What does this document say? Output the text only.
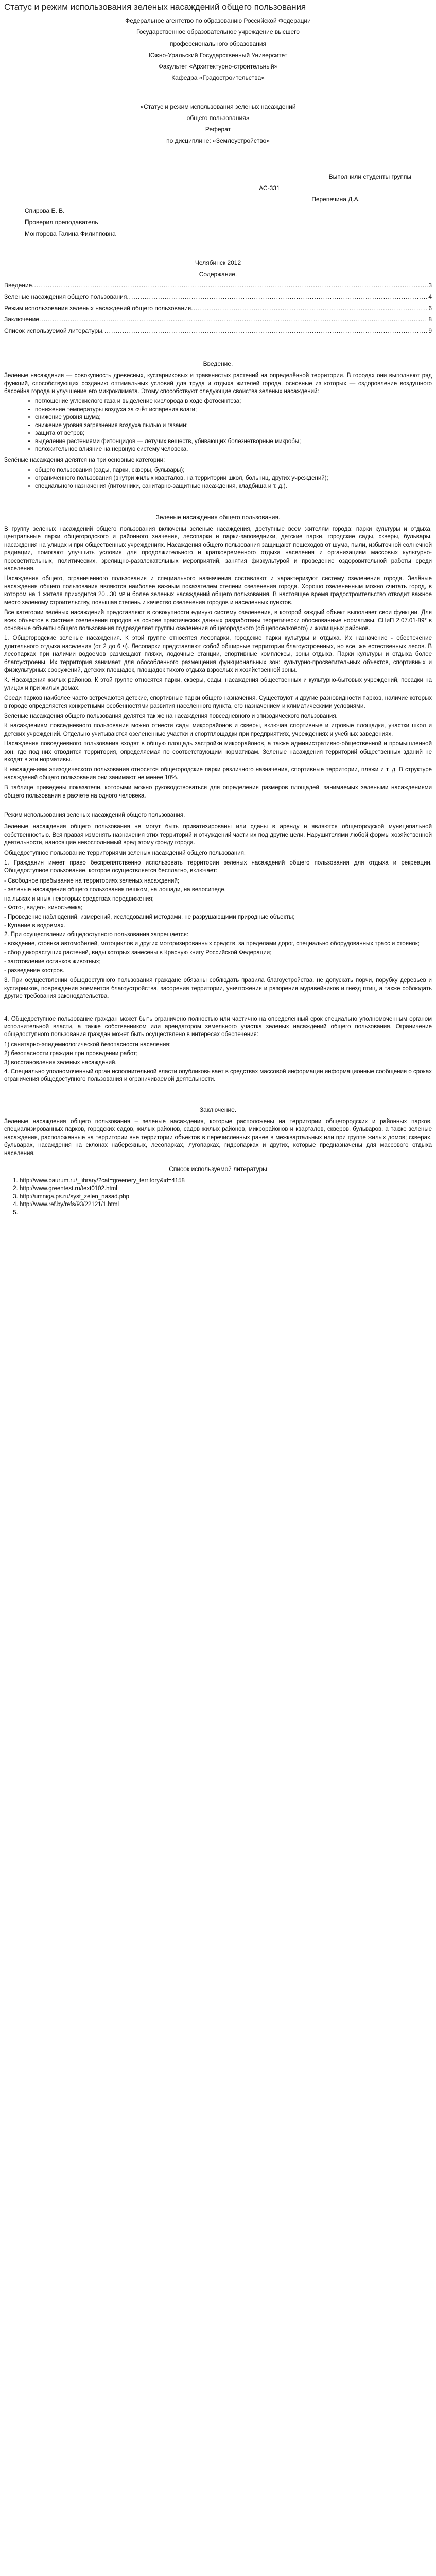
Статус и режим использования зеленых насаждений общего пользования

Федеральное агентство по образованию Российской Федерации

Государственное образовательное учреждение высшего

профессионального образования

Южно-Уральский Государственный Университет

Факультет «Архитектурно-строительный»

Кафедра «Градостроительства»

«Статус и режим использования зеленых насаждений

общего пользования»

Реферат

по дисциплине: «Землеустройство»

Выполнили студенты группы

АС-331

Перепечина Д.А.

Спирова Е. В.

Проверил преподаватель

Монторова Галина Филипповна

Челябинск 2012

Содержание.

Введение .....	3
Зеленые насаждения общего пользования .....	4
Режим использования зеленых насаждений общего пользования .....	6
Заключение .....	8
Список используемой литературы .....	9
Введение.

Зеленые насаждения — совокупность древесных, кустарниковых и травянистых растений на определённой территории. В городах они выполняют ряд функций, способствующих созданию оптимальных условий для труда и отдыха жителей города, основные из которых — оздоровление воздушного бассейна города и улучшение его микроклимата. Этому способствуют следующие свойства зеленых насаждений:

• поглощение углекислого газа и выделение кислорода в ходе фотосинтеза;
• понижение температуры воздуха за счёт испарения влаги;
• снижение уровня шума;
• снижение уровня загрязнения воздуха пылью и газами;
• защита от ветров;
• выделение растениями фитонцидов — летучих веществ, убивающих болезнетворные микробы;
• положительное влияние на нервную систему человека.

Зелёные насаждения делятся на три основные категории:

• общего пользования (сады, парки, скверы, бульвары);
• ограниченного пользования (внутри жилых кварталов, на территории школ, больниц, других учреждений);
• специального назначения (питомники, санитарно-защитные насаждения, кладбища и т. д.).
Зеленые насаждения общего пользования.

В группу зеленых насаждений общего пользования включены зеленые насаждения, доступные всем жителям города: парки культуры и отдыха, центральные парки общегородского и районного значения, лесопарки и парки-заповедники, детские парки, городские сады, скверы, бульвары, насаждения на улицах и при общественных учреждениях. Насаждения общего пользования защищают пешеходов от шума, пыли, избыточной солнечной радиации, помогают улучшить условия для продолжительного и кратковременного отдыха населения и организациям массовых культурно-просветительных, политических, зрелищно-развлекательных мероприятий, занятия физкультурой и проведение оздоровительной работы среди населения.

Насаждения общего, ограниченного пользования и специального назначения составляют и характеризуют систему озеленения города. Зелёные насаждения общего пользования являются наиболее важным показателем степени озеленения города. Хорошо озелененным можно считать город, в котором на 1 жителя приходится 20...30 м² и более зеленых насаждений общего пользования. В настоящее время градостроительство отводит важное место зеленому строительству, повышая степень и качество озеленения городов и населенных пунктов.

Все категории зелёных насаждений представляют в совокупности единую систему озеленения, в которой каждый объект выполняет свои функции. Для всех объектов в системе озеленения городов на основе практических данных разработаны теоретически обоснованные нормативы. СНиП 2.07.01-89* в основные объекты общего пользования подразделяет группы озеленения общегородского (общепоселкового) и жилищных районов.

1. Общегородские зеленые насаждения. К этой группе относятся лесопарки, городские парки культуры и отдыха. Их назначение - обеспечение длительного отдыха населения (от 2 до 6 ч). Лесопарки представляют собой обширные территории благоустроенных, но все, же естественных лесов. В лесопарках при наличии водоемов размещают пляжи, лодочные станции, спортивные комплексы, зоны отдыха. Парки культуры и отдыха более благоустроены. Их территория занимает для обособленного размещения функциональных зон: культурно-просветительных объектов, спортивных и физкультурных сооружений, детских площадок, площадок тихого отдыха взрослых и хозяйственной зоны.

К. Насаждения жилых районов. К этой группе относятся парки, скверы, сады, насаждения общественных и культурно-бытовых учреждений, посадки на улицах и при жилых домах.

Среди парков наиболее часто встречаются детские, спортивные парки общего назначения. Существуют и другие разновидности парков, наличие которых в городе определяется конкретными особенностями развития населенного пункта, его назначением и климатическими условиями.

Зеленые насаждения общего пользования делятся так же на насаждения повседневного и эпизодического пользования.

К насаждениям повседневного пользования можно отнести сады микрорайонов и скверы, включая спортивные и игровые площадки, участки школ и детских учреждений. Отдельно учитываются озелененные участки и спортплощадки при предприятиях, учреждениях и учебных заведениях.

Насаждения повседневного пользования входят в общую площадь застройки микрорайонов, а также административно-общественной и промышленной зон, где под них отводится территория, определяемая по соответствующим нормативам. Зеленые насаждения территорий общественных зданий не входят в эти нормативы.

К насаждениям эпизодического пользования относятся общегородские парки различного назначения, спортивные территории, пляжи и т. д. В структуре насаждений общего пользования они занимают не менее 10%.

В таблице приведены показатели, которыми можно руководствоваться для определения размеров площадей, занимаемых зелеными насаждениями общего пользования в расчете на одного человека.

Режим использования зеленых насаждений общего пользования.

Зеленые насаждения общего пользования не могут быть приватизированы или сданы в аренду и являются общегородской муниципальной собственностью. Вся правая изменять назначения этих территорий и отчуждений части их под другие цели. Нарушителями любой формы хозяйственной деятельности, наносящие невосполнимый вред этому фонду города.

Общедоступное пользование территориями зеленых насаждений общего пользования.

1. Гражданин имеет право беспрепятственно использовать территории зеленых насаждений общего пользования для отдыха и рекреации. Общедоступное пользование, которое осуществляется бесплатно, включает:

- Свободное пребывание на территориях зеленых насаждений;

- зеленые насаждения общего пользования пешком, на лошади, на велосипеде,

на лыжах и иных некоторых средствах передвижения;

- Фото-, видео-, киносъемка;

- Проведение наблюдений, измерений, исследований методами, не разрушающими природные объекты;

- Купание в водоемах.

2. При осуществлении общедоступного пользования запрещается:

- вождение, стоянка автомобилей, мотоциклов и других моторизированных средств, за пределами дорог, специально оборудованных трасс и стоянок;

- сбор дикорастущих растений, виды которых занесены в Красную книгу Российской Федерации;

- заготовление останков животных;

- разведение костров.

3. При осуществлении общедоступного пользования граждане обязаны соблюдать правила благоустройства, не допускать порчи, порубку деревьев и кустарников, повреждения элементов благоустройства, засорения территории, уничтожения и разорения муравейников и гнезд птиц, а также соблюдать другие требования законодательства.

4. Общедоступное пользование граждан может быть ограничено полностью или частично на определенный срок специально уполномоченным органом исполнительной власти, а также собственником или арендатором земельного участка зеленых насаждений общего пользования. Ограничение общедоступного пользования граждан может быть осуществлено в интересах обеспечения:

1) санитарно-эпидемиологической безопасности населения;

2) безопасности граждан при проведении работ;

3) восстановления зеленых насаждений.

4. Специально уполномоченный орган исполнительной власти опубликовывает в средствах массовой информации информационные сообщения о сроках ограничения общедоступного пользования и ограничиваемой деятельности.

Заключение.

Зеленые насаждения общего пользования – зеленые насаждения, которые расположены на территории общегородских и районных парков, специализированных парков, городских садов, жилых районов, садов жилых районов, микрорайонов и кварталов, скверов, бульваров, а также зеленые насаждения, расположенные на территории вне территории объектов в перечисленных ранее в межквартальных или при группе жилых домов; скверах, бульварах, насаждения на склонах набережных, лесопарках, лугопарках, гидропарках и других, которые предназначены для массового отдыха населения.

Список используемой литературы
1. http://www.baurum.ru/_library/?cat=greenery_territory&id=4158
2. http://www.greentest.ru/text0102.html
3. http://umniga.ps.ru/syst_zelen_nasad.php
4. http://www.ref.by/refs/93/22121/1.html
5.
